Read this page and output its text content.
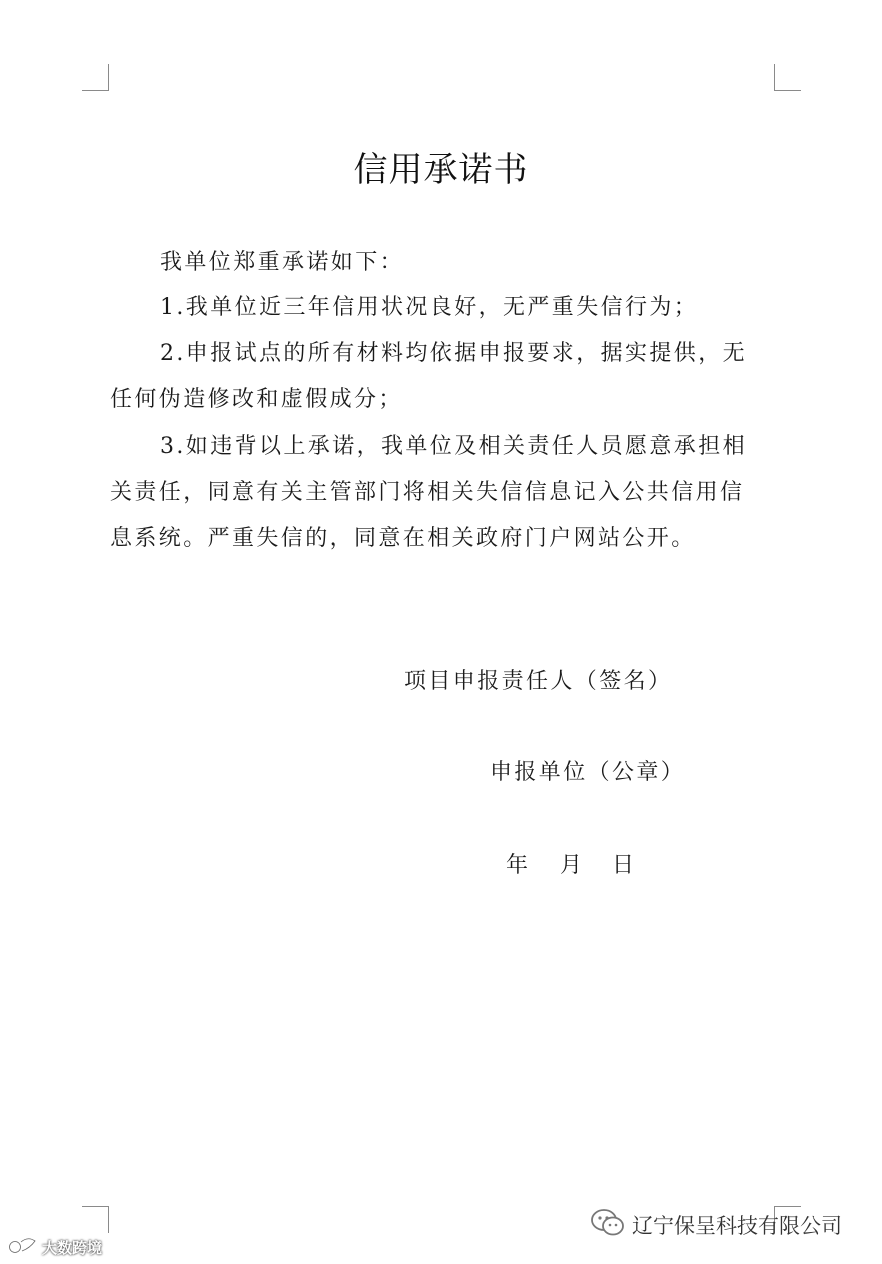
信用承诺书
我单位郑重承诺如下：
1.我单位近三年信用状况良好，无严重失信行为；
2.申报试点的所有材料均依据申报要求，据实提供，无
任何伪造修改和虚假成分；
3.如违背以上承诺，我单位及相关责任人员愿意承担相
关责任，同意有关主管部门将相关失信信息记入公共信用信
息系统。严重失信的，同意在相关政府门户网站公开。
项目申报责任人（签名）
申报单位（公章）
年 月 日
辽宁保呈科技有限公司
大数跨境
